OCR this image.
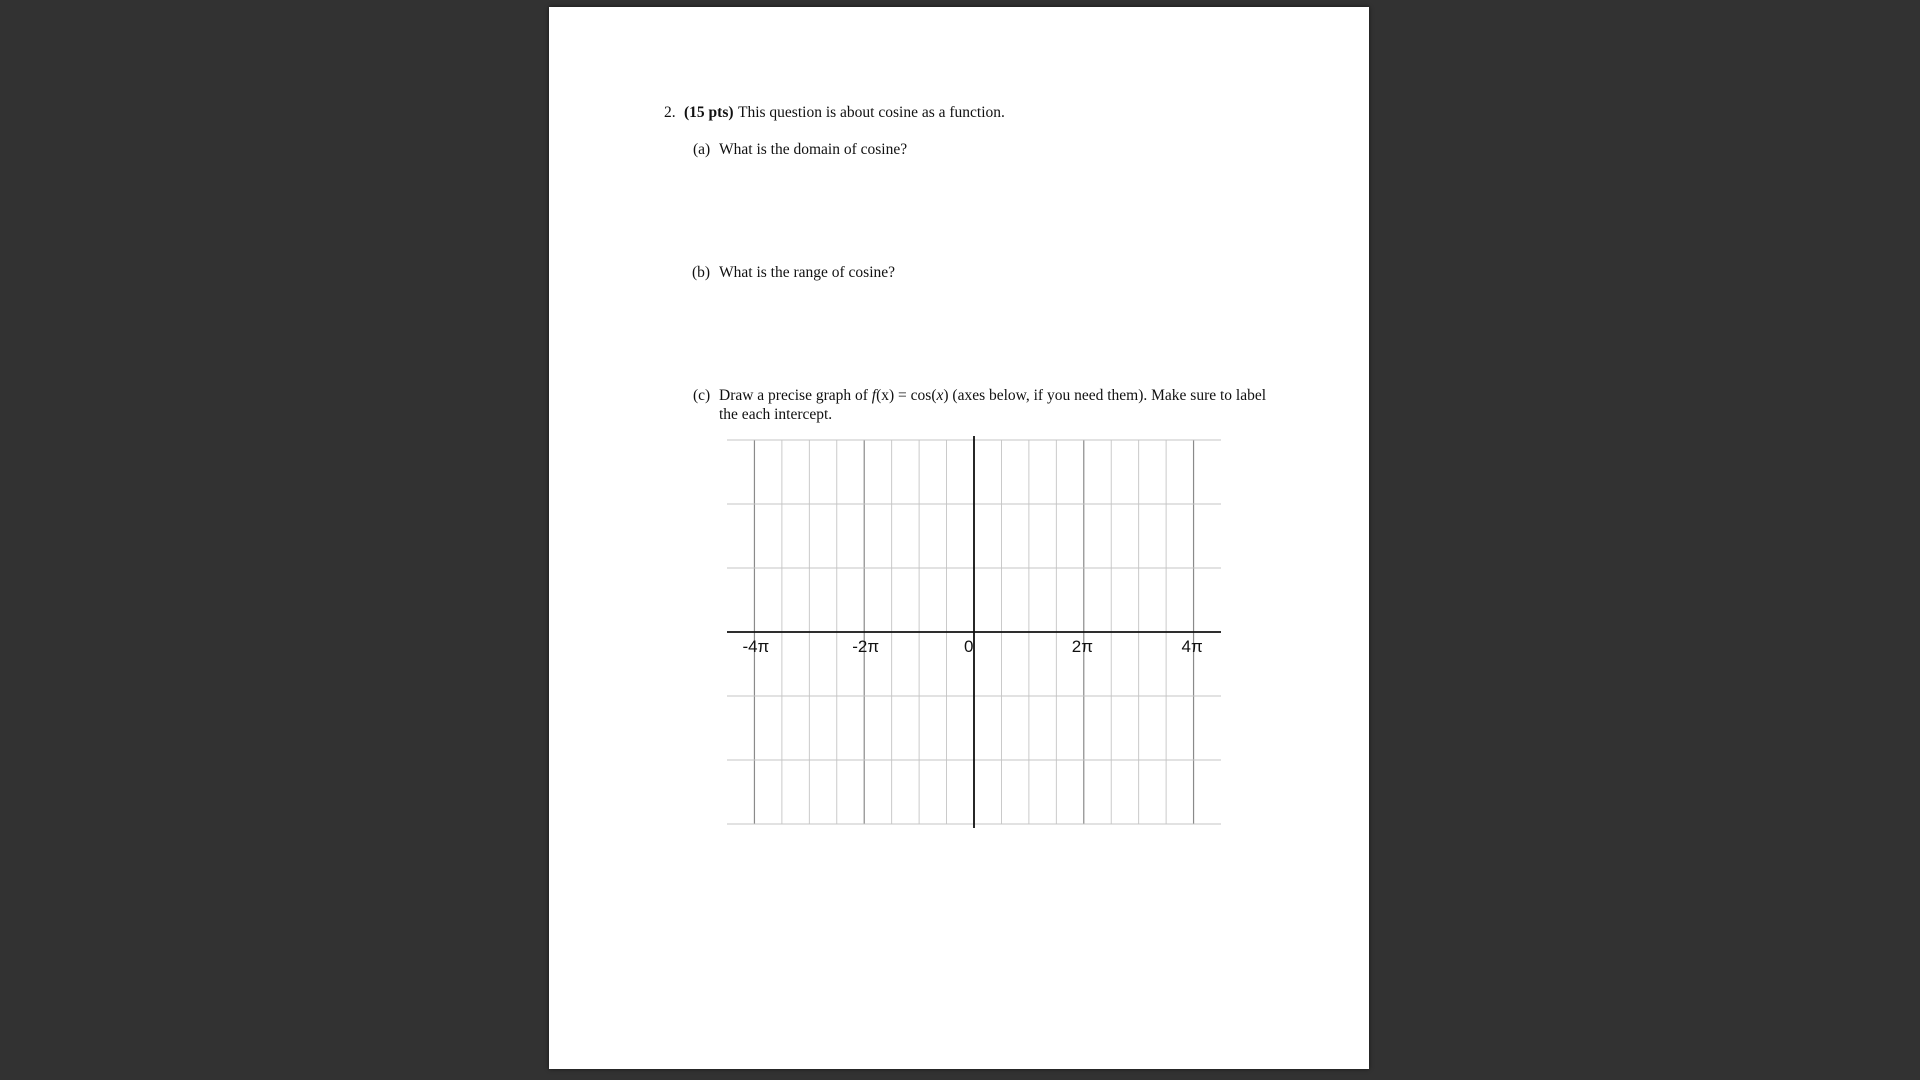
2. (15 pts) This question is about cosine as a function.
(a) What is the domain of cosine?
(b) What is the range of cosine?
(c) Draw a precise graph of f(x) = cos(x) (axes below, if you need them). Make sure to label the each intercept.
-4π	-2π	0	2π	4π
